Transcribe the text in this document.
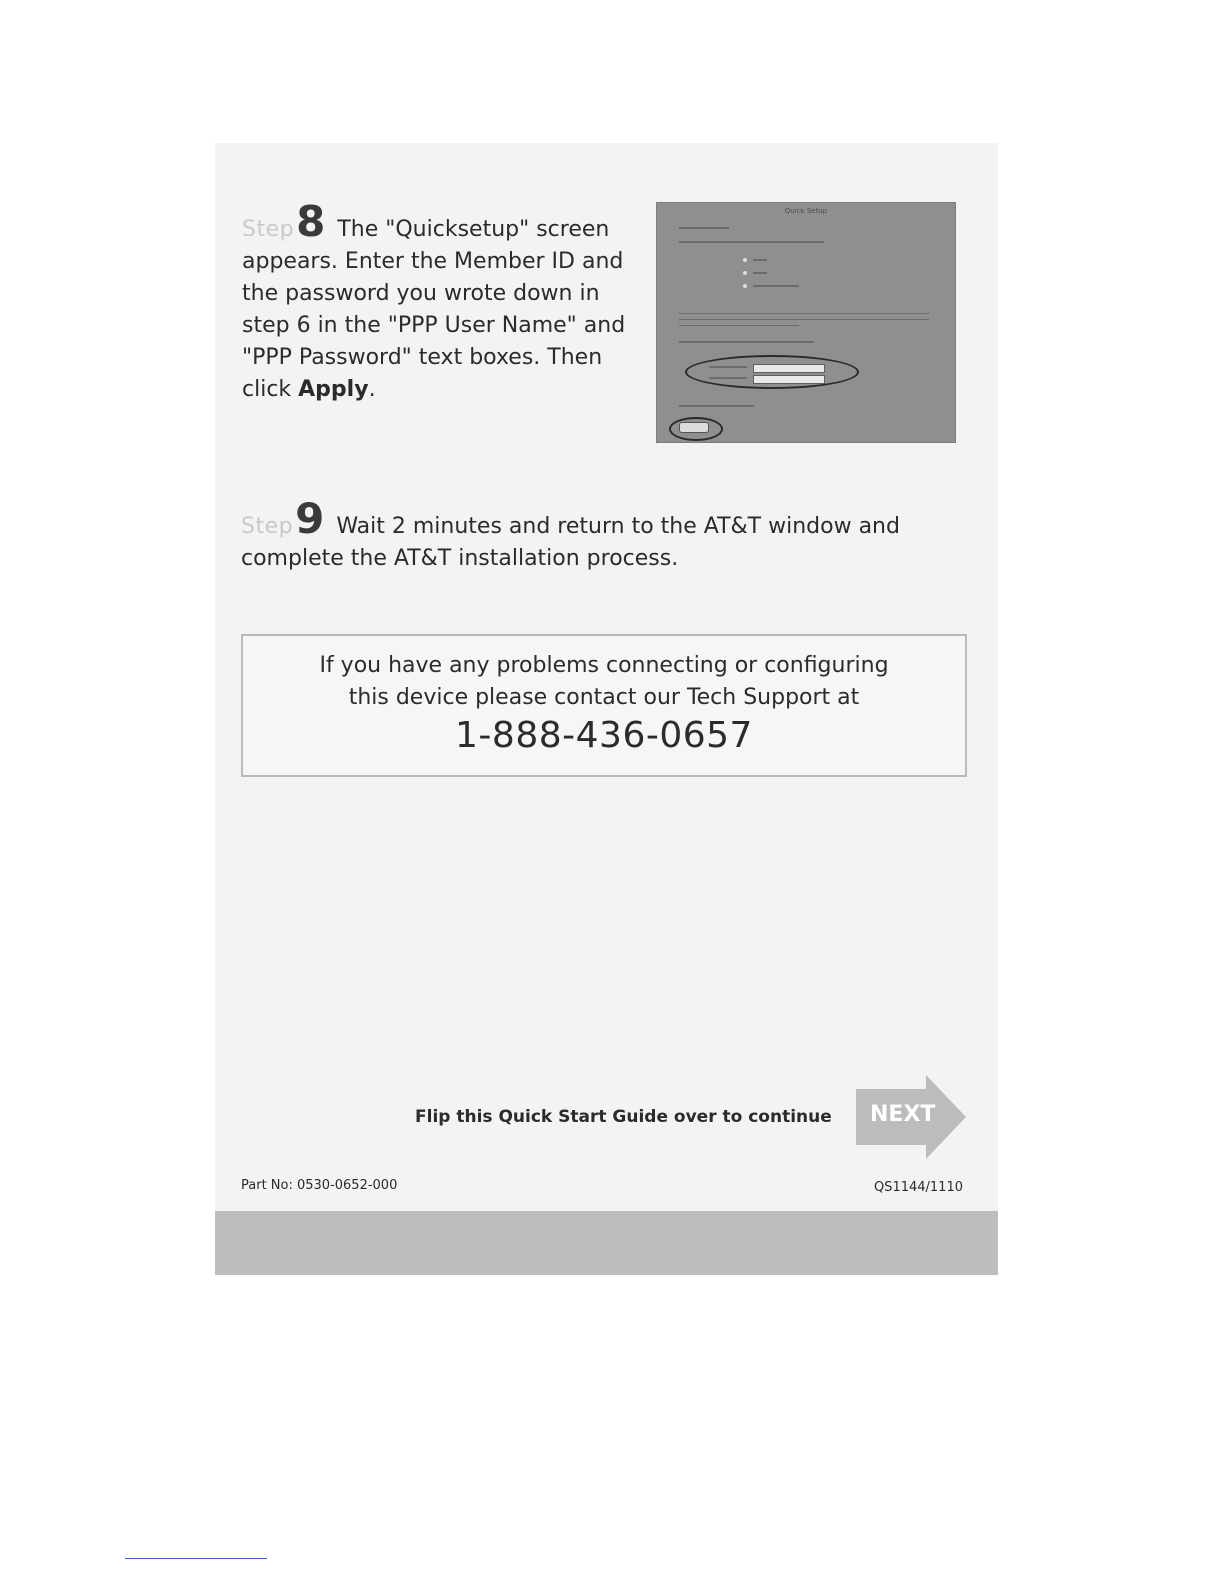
Step8 The "Quicksetup" screen appears. Enter the Member ID and the password you wrote down in step 6 in the "PPP User Name" and "PPP Password" text boxes. Then click Apply.
Quick Setup
Step9 Wait 2 minutes and return to the AT&T window and complete the AT&T installation process.
If you have any problems connecting or configuring
this device please contact our Tech Support at
1-888-436-0657
Flip this Quick Start Guide over to continue NEXT
Part No: 0530-0652-000	QS1144/1110
